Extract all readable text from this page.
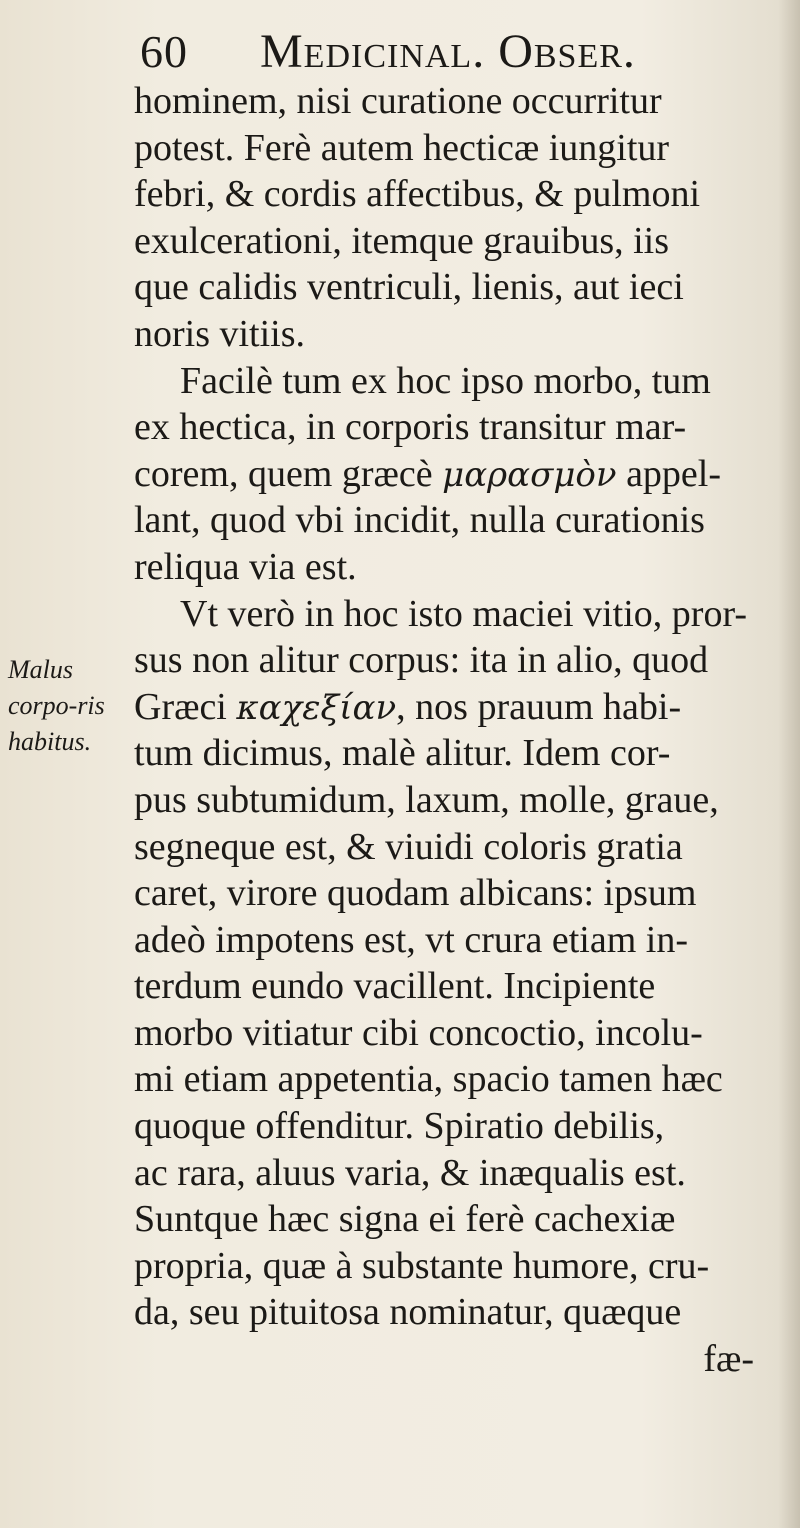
60 Medicinal. Obser.
Malus
corpo-ris
habitus.
hominem, nisi curatione occurritur
potest. Ferè autem hecticæ iungitur
febri, & cordis affectibus, & pulmoni
exulcerationi, itemque grauibus, iis
que calidis ventriculi, lienis, aut ieci
noris vitiis.
Facilè tum ex hoc ipso morbo, tum
ex hectica, in corporis transitur mar-
corem, quem græcè μαρασμὸν appel-
lant, quod vbi incidit, nulla curationis
reliqua via est.
Vt verò in hoc isto maciei vitio, pror-
sus non alitur corpus: ita in alio, quod
Græci καχεξίαν, nos prauum habi-
tum dicimus, malè alitur. Idem cor-
pus subtumidum, laxum, molle, graue,
segneque est, & viuidi coloris gratia
caret, virore quodam albicans: ipsum
adeò impotens est, vt crura etiam in-
terdum eundo vacillent. Incipiente
morbo vitiatur cibi concoctio, incolu-
mi etiam appetentia, spacio tamen hæc
quoque offenditur. Spiratio debilis,
ac rara, aluus varia, & inæqualis est.
Suntque hæc signa ei ferè cachexiæ
propria, quæ à substante humore, cru-
da, seu pituitosa nominatur, quæque
fæ-
